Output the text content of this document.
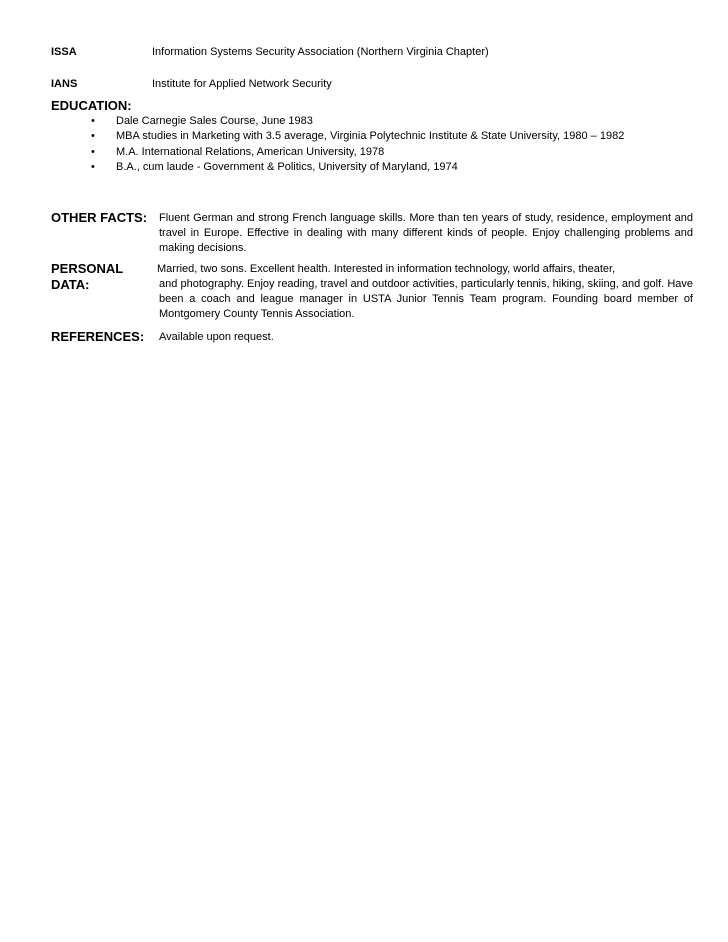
ISSA	Information Systems Security Association (Northern Virginia Chapter)
IANS	Institute for Applied Network Security
EDUCATION:
• Dale Carnegie Sales Course, June 1983
• MBA studies in Marketing with 3.5 average, Virginia Polytechnic Institute & State University, 1980 – 1982
• M.A. International Relations, American University, 1978
• B.A., cum laude - Government & Politics, University of Maryland, 1974
OTHER FACTS: Fluent German and strong French language skills. More than ten years of study, residence, employment and travel in Europe. Effective in dealing with many different kinds of people. Enjoy challenging problems and making decisions.
PERSONAL
DATA:
Married, two sons. Excellent health. Interested in information technology, world affairs, theater,
and photography. Enjoy reading, travel and outdoor activities, particularly tennis, hiking, skiing, and golf. Have been a coach and league manager in USTA Junior Tennis Team program. Founding board member of Montgomery County Tennis Association.
REFERENCES: Available upon request.
